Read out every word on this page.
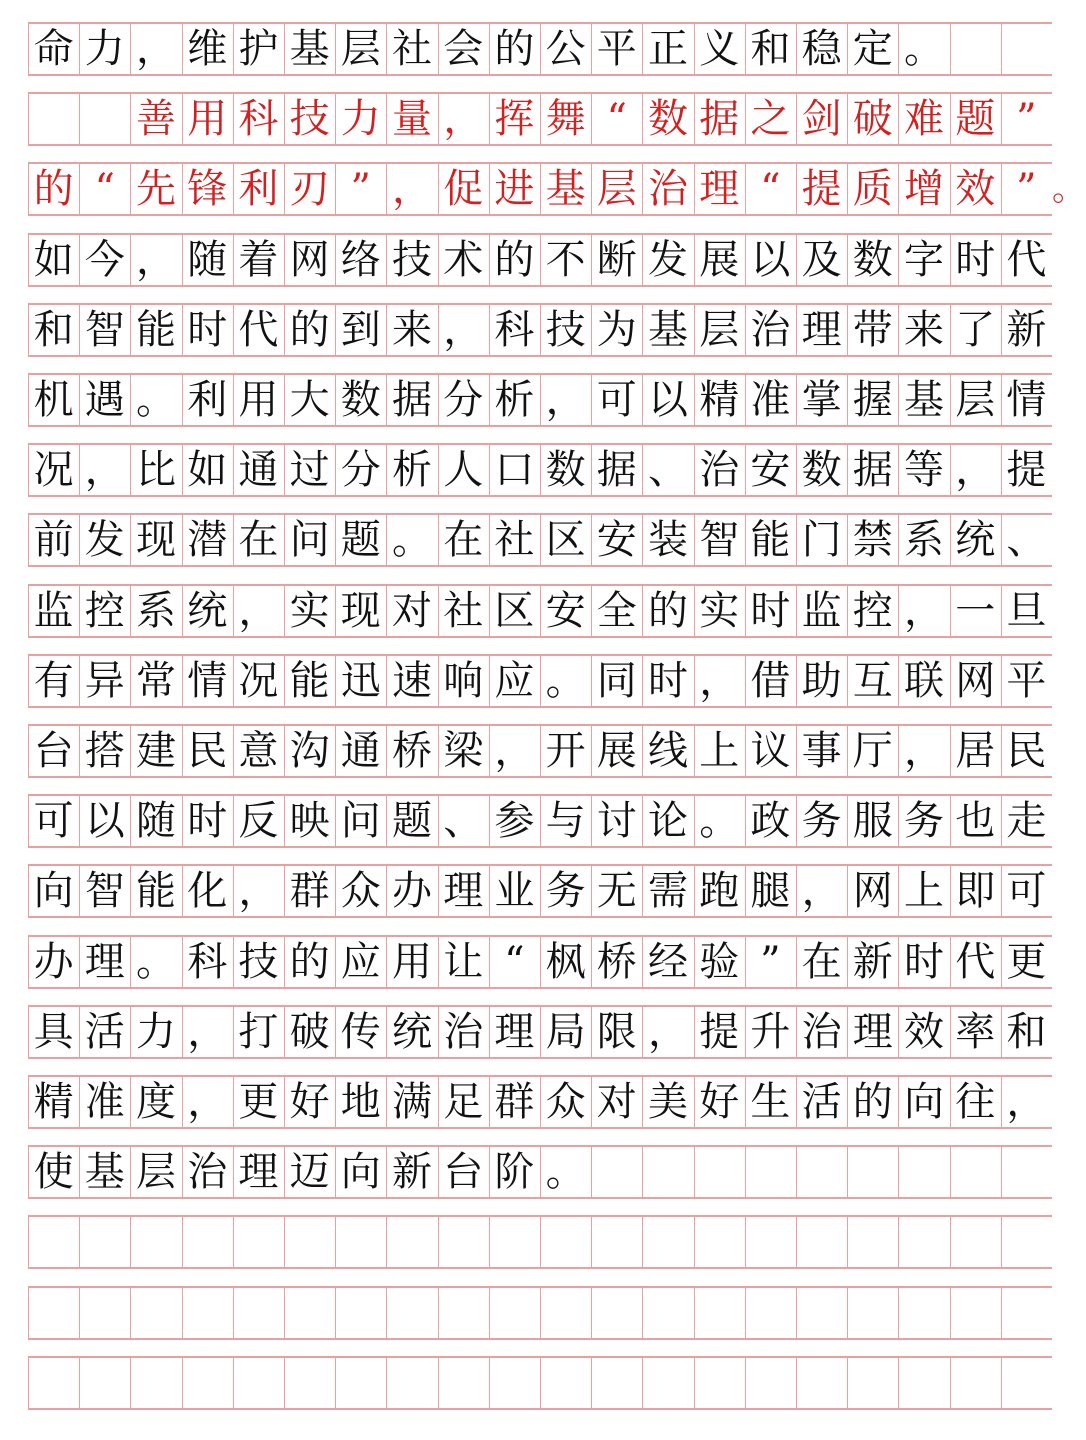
命 力 ， 维 护 基 层 社 会 的 公 平 正 义 和 稳 定 。
善 用 科 技 力 量 ， 挥 舞 “ 数 据 之 剑 破 难 题 ”
的 “ 先 锋 利 刃 ” ， 促 进 基 层 治 理 “ 提 质 增 效 ” 。
如 今 ， 随 着 网 络 技 术 的 不 断 发 展 以 及 数 字 时 代
和 智 能 时 代 的 到 来 ， 科 技 为 基 层 治 理 带 来 了 新
机 遇 。 利 用 大 数 据 分 析 ， 可 以 精 准 掌 握 基 层 情
况 ， 比 如 通 过 分 析 人 口 数 据 、 治 安 数 据 等 ， 提
前 发 现 潜 在 问 题 。 在 社 区 安 装 智 能 门 禁 系 统 、
监 控 系 统 ， 实 现 对 社 区 安 全 的 实 时 监 控 ， 一 旦
有 异 常 情 况 能 迅 速 响 应 。 同 时 ， 借 助 互 联 网 平
台 搭 建 民 意 沟 通 桥 梁 ， 开 展 线 上 议 事 厅 ， 居 民
可 以 随 时 反 映 问 题 、 参 与 讨 论 。 政 务 服 务 也 走
向 智 能 化 ， 群 众 办 理 业 务 无 需 跑 腿 ， 网 上 即 可
办 理 。 科 技 的 应 用 让 “ 枫 桥 经 验 ” 在 新 时 代 更
具 活 力 ， 打 破 传 统 治 理 局 限 ， 提 升 治 理 效 率 和
精 准 度 ， 更 好 地 满 足 群 众 对 美 好 生 活 的 向 往 ，
使 基 层 治 理 迈 向 新 台 阶 。
